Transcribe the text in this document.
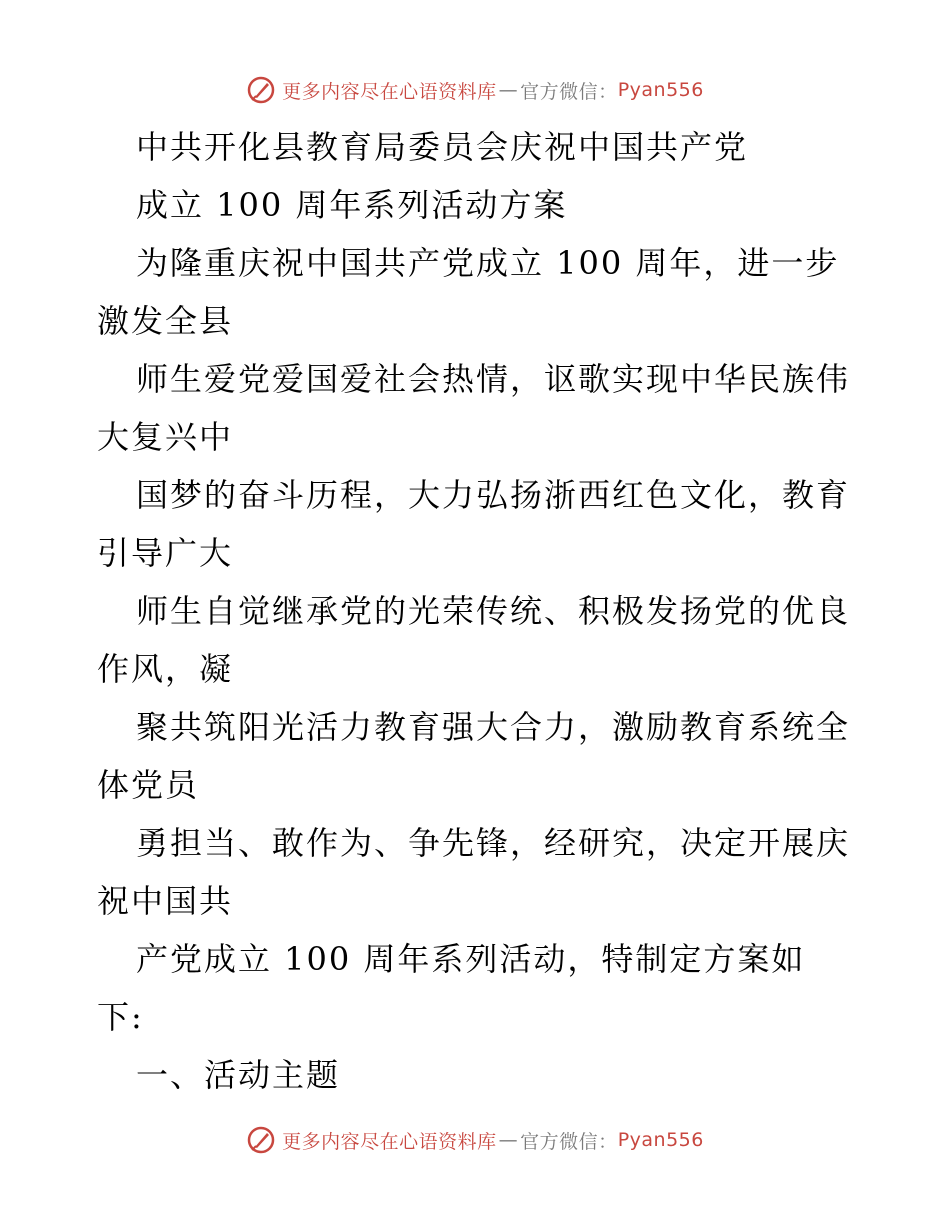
更多内容尽在心语资料库 — 官方微信： Pyan556
中共开化县教育局委员会庆祝中国共产党
成立 100 周年系列活动方案
为隆重庆祝中国共产党成立 100 周年，进一步
激发全县
师生爱党爱国爱社会热情，讴歌实现中华民族伟
大复兴中
国梦的奋斗历程，大力弘扬浙西红色文化，教育
引导广大
师生自觉继承党的光荣传统、积极发扬党的优良
作风，凝
聚共筑阳光活力教育强大合力，激励教育系统全
体党员
勇担当、敢作为、争先锋，经研究，决定开展庆
祝中国共
产党成立 100 周年系列活动，特制定方案如
下:
一、活动主题
更多内容尽在心语资料库 — 官方微信： Pyan556
